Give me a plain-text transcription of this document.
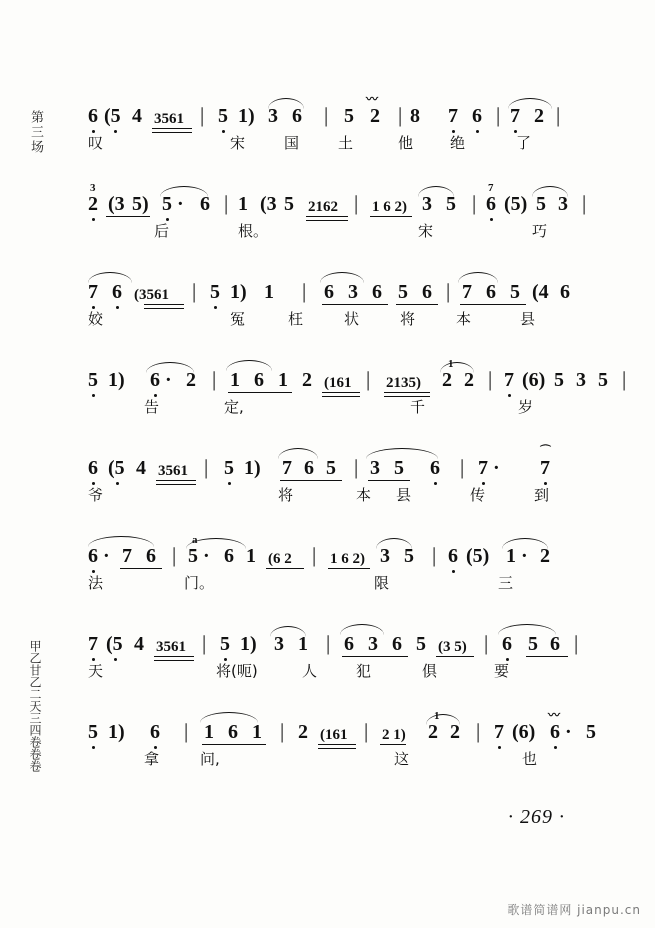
第三场
甲乙甘乙二天三四卷卷卷
6 (5 4 3561 | 5 1) 3 6 | 5 2
〰
| 8 7 6 | 7 2 |
叹	宋	国	土	他 绝	了
3
2 (3 5) 5 · 6 | 1 (3 5 2162 | 1 6 2) 3 5 |
7
6 (5) 5 3 |
后	根。	宋	巧
7 6 (3561 | 5 1) 1 | 6 3 6 5 6 | 7 6 5 (4 6
姣	冤	枉	状	将	本	县
5 1) 6 · 2 | 1 6 1 2 (161 | 2135)
1
2 2 | 7 (6) 5 3 5 |
告	定,	千	岁
6 (5 4 3561 | 5 1) 7 6 5 | 3 5 6 | 7 · 7
⌒
爷	将	本 县	传	到
6 · 7 6 |
a
5 · 6 1 (6 2 | 1 6 2) 3 5 | 6 (5) 1 · 2
法	门。	限	三
7 (5 4 3561 | 5 1) 3 1 | 6 3 6 5 (3 5) | 6 5 6 |
天	将(呃)	人	犯	俱	要
5 1) 6 | 1 6 1 | 2 (161 | 2 1)
1
2 2 | 7 (6) 6 · 5
〰
拿	问,	这	也
· 269 ·
歌谱简谱网 jianpu.cn
